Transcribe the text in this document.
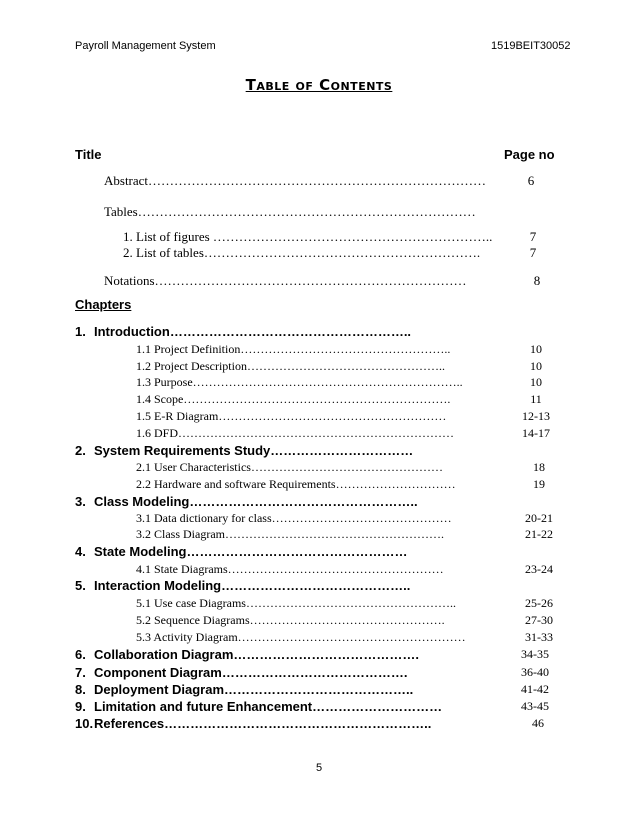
Payroll Management System	1519BEIT30052
Table of Contents
Title	Page no
Abstract……………………………………………………………………	6
Tables……………………………………………………………………
1. List of figures ………………………………………………………..	7
2. List of tables……………………………………………………….	7
Notations………………………………………………………………	8
Chapters
1. Introduction………………………………………………..
1.1 Project Definition……………………………………………..	10
1.2 Project Description…………………………………………..	10
1.3 Purpose…………………………………………………………..	10
1.4 Scope………………………………………………………….	11
1.5 E-R Diagram…………………………………………………	12-13
1.6 DFD……………………………………………………………	14-17
2. System Requirements Study……………………………
2.1 User Characteristics…………………………………………	18
2.2 Hardware and software Requirements…………………………	19
3. Class Modeling……………………………………………..
3.1 Data dictionary for class………………………………………	20-21
3.2 Class Diagram……………………………………………….	21-22
4. State Modeling……………………………………………
4.1 State Diagrams………………………………………………	23-24
5. Interaction Modeling……………………………………..
5.1 Use case Diagrams……………………………………………..	25-26
5.2 Sequence Diagrams………………………………………….	27-30
5.3 Activity Diagram…………………………………………………	31-33
6. Collaboration Diagram…………………………………….	34-35
7. Component Diagram…………………………………….	36-40
8. Deployment Diagram……………………………………..	41-42
9. Limitation and future Enhancement…………………………	43-45
10. References……………………………………………………..	46
5
